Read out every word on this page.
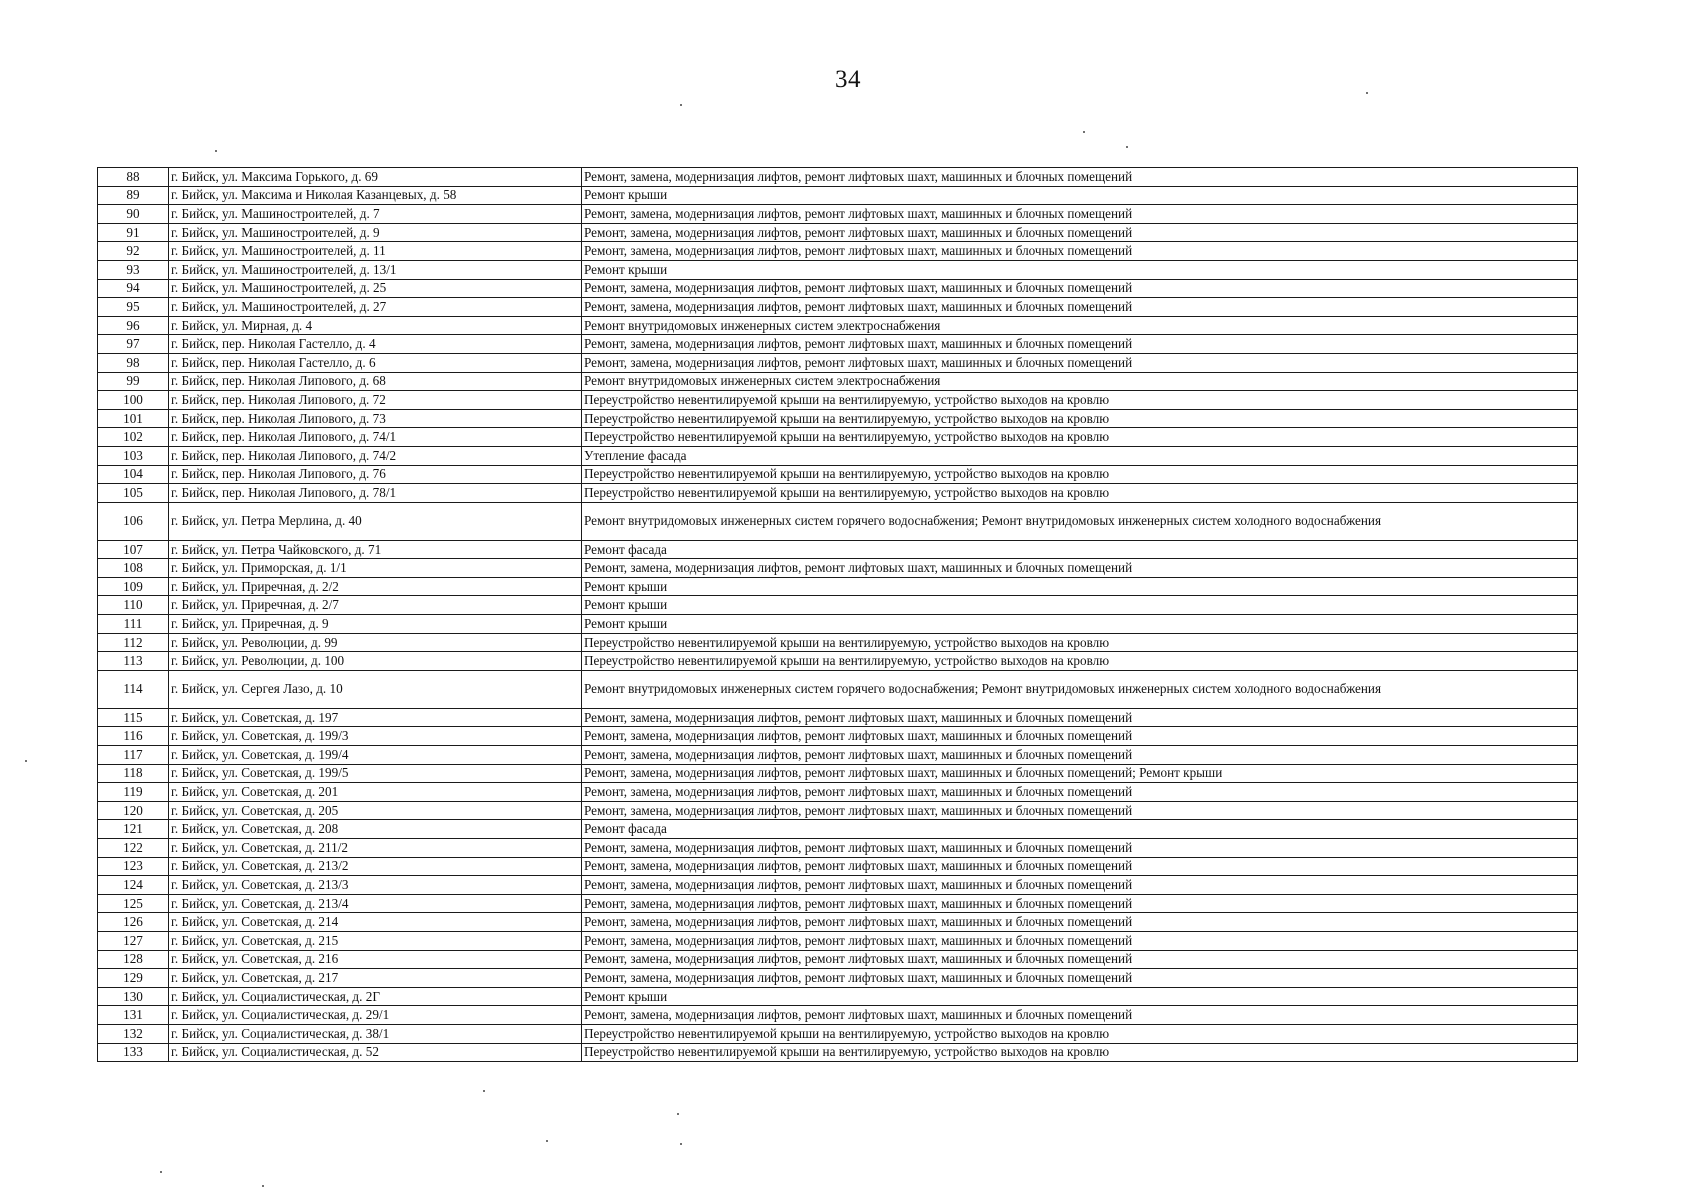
34
88	г. Бийск, ул. Максима Горького, д. 69	Ремонт, замена, модернизация лифтов, ремонт лифтовых шахт, машинных и блочных помещений
89	г. Бийск, ул. Максима и Николая Казанцевых, д. 58	Ремонт крыши
90	г. Бийск, ул. Машиностроителей, д. 7	Ремонт, замена, модернизация лифтов, ремонт лифтовых шахт, машинных и блочных помещений
91	г. Бийск, ул. Машиностроителей, д. 9	Ремонт, замена, модернизация лифтов, ремонт лифтовых шахт, машинных и блочных помещений
92	г. Бийск, ул. Машиностроителей, д. 11	Ремонт, замена, модернизация лифтов, ремонт лифтовых шахт, машинных и блочных помещений
93	г. Бийск, ул. Машиностроителей, д. 13/1	Ремонт крыши
94	г. Бийск, ул. Машиностроителей, д. 25	Ремонт, замена, модернизация лифтов, ремонт лифтовых шахт, машинных и блочных помещений
95	г. Бийск, ул. Машиностроителей, д. 27	Ремонт, замена, модернизация лифтов, ремонт лифтовых шахт, машинных и блочных помещений
96	г. Бийск, ул. Мирная, д. 4	Ремонт внутридомовых инженерных систем электроснабжения
97	г. Бийск, пер. Николая Гастелло, д. 4	Ремонт, замена, модернизация лифтов, ремонт лифтовых шахт, машинных и блочных помещений
98	г. Бийск, пер. Николая Гастелло, д. 6	Ремонт, замена, модернизация лифтов, ремонт лифтовых шахт, машинных и блочных помещений
99	г. Бийск, пер. Николая Липового, д. 68	Ремонт внутридомовых инженерных систем электроснабжения
100	г. Бийск, пер. Николая Липового, д. 72	Переустройство невентилируемой крыши на вентилируемую, устройство выходов на кровлю
101	г. Бийск, пер. Николая Липового, д. 73	Переустройство невентилируемой крыши на вентилируемую, устройство выходов на кровлю
102	г. Бийск, пер. Николая Липового, д. 74/1	Переустройство невентилируемой крыши на вентилируемую, устройство выходов на кровлю
103	г. Бийск, пер. Николая Липового, д. 74/2	Утепление фасада
104	г. Бийск, пер. Николая Липового, д. 76	Переустройство невентилируемой крыши на вентилируемую, устройство выходов на кровлю
105	г. Бийск, пер. Николая Липового, д. 78/1	Переустройство невентилируемой крыши на вентилируемую, устройство выходов на кровлю
106	г. Бийск, ул. Петра Мерлина, д. 40	Ремонт внутридомовых инженерных систем горячего водоснабжения; Ремонт внутридомовых инженерных систем холодного водоснабжения
107	г. Бийск, ул. Петра Чайковского, д. 71	Ремонт фасада
108	г. Бийск, ул. Приморская, д. 1/1	Ремонт, замена, модернизация лифтов, ремонт лифтовых шахт, машинных и блочных помещений
109	г. Бийск, ул. Приречная, д. 2/2	Ремонт крыши
110	г. Бийск, ул. Приречная, д. 2/7	Ремонт крыши
111	г. Бийск, ул. Приречная, д. 9	Ремонт крыши
112	г. Бийск, ул. Революции, д. 99	Переустройство невентилируемой крыши на вентилируемую, устройство выходов на кровлю
113	г. Бийск, ул. Революции, д. 100	Переустройство невентилируемой крыши на вентилируемую, устройство выходов на кровлю
114	г. Бийск, ул. Сергея Лазо, д. 10	Ремонт внутридомовых инженерных систем горячего водоснабжения; Ремонт внутридомовых инженерных систем холодного водоснабжения
115	г. Бийск, ул. Советская, д. 197	Ремонт, замена, модернизация лифтов, ремонт лифтовых шахт, машинных и блочных помещений
116	г. Бийск, ул. Советская, д. 199/3	Ремонт, замена, модернизация лифтов, ремонт лифтовых шахт, машинных и блочных помещений
117	г. Бийск, ул. Советская, д. 199/4	Ремонт, замена, модернизация лифтов, ремонт лифтовых шахт, машинных и блочных помещений
118	г. Бийск, ул. Советская, д. 199/5	Ремонт, замена, модернизация лифтов, ремонт лифтовых шахт, машинных и блочных помещений; Ремонт крыши
119	г. Бийск, ул. Советская, д. 201	Ремонт, замена, модернизация лифтов, ремонт лифтовых шахт, машинных и блочных помещений
120	г. Бийск, ул. Советская, д. 205	Ремонт, замена, модернизация лифтов, ремонт лифтовых шахт, машинных и блочных помещений
121	г. Бийск, ул. Советская, д. 208	Ремонт фасада
122	г. Бийск, ул. Советская, д. 211/2	Ремонт, замена, модернизация лифтов, ремонт лифтовых шахт, машинных и блочных помещений
123	г. Бийск, ул. Советская, д. 213/2	Ремонт, замена, модернизация лифтов, ремонт лифтовых шахт, машинных и блочных помещений
124	г. Бийск, ул. Советская, д. 213/3	Ремонт, замена, модернизация лифтов, ремонт лифтовых шахт, машинных и блочных помещений
125	г. Бийск, ул. Советская, д. 213/4	Ремонт, замена, модернизация лифтов, ремонт лифтовых шахт, машинных и блочных помещений
126	г. Бийск, ул. Советская, д. 214	Ремонт, замена, модернизация лифтов, ремонт лифтовых шахт, машинных и блочных помещений
127	г. Бийск, ул. Советская, д. 215	Ремонт, замена, модернизация лифтов, ремонт лифтовых шахт, машинных и блочных помещений
128	г. Бийск, ул. Советская, д. 216	Ремонт, замена, модернизация лифтов, ремонт лифтовых шахт, машинных и блочных помещений
129	г. Бийск, ул. Советская, д. 217	Ремонт, замена, модернизация лифтов, ремонт лифтовых шахт, машинных и блочных помещений
130	г. Бийск, ул. Социалистическая, д. 2Г	Ремонт крыши
131	г. Бийск, ул. Социалистическая, д. 29/1	Ремонт, замена, модернизация лифтов, ремонт лифтовых шахт, машинных и блочных помещений
132	г. Бийск, ул. Социалистическая, д. 38/1	Переустройство невентилируемой крыши на вентилируемую, устройство выходов на кровлю
133	г. Бийск, ул. Социалистическая, д. 52	Переустройство невентилируемой крыши на вентилируемую, устройство выходов на кровлю
